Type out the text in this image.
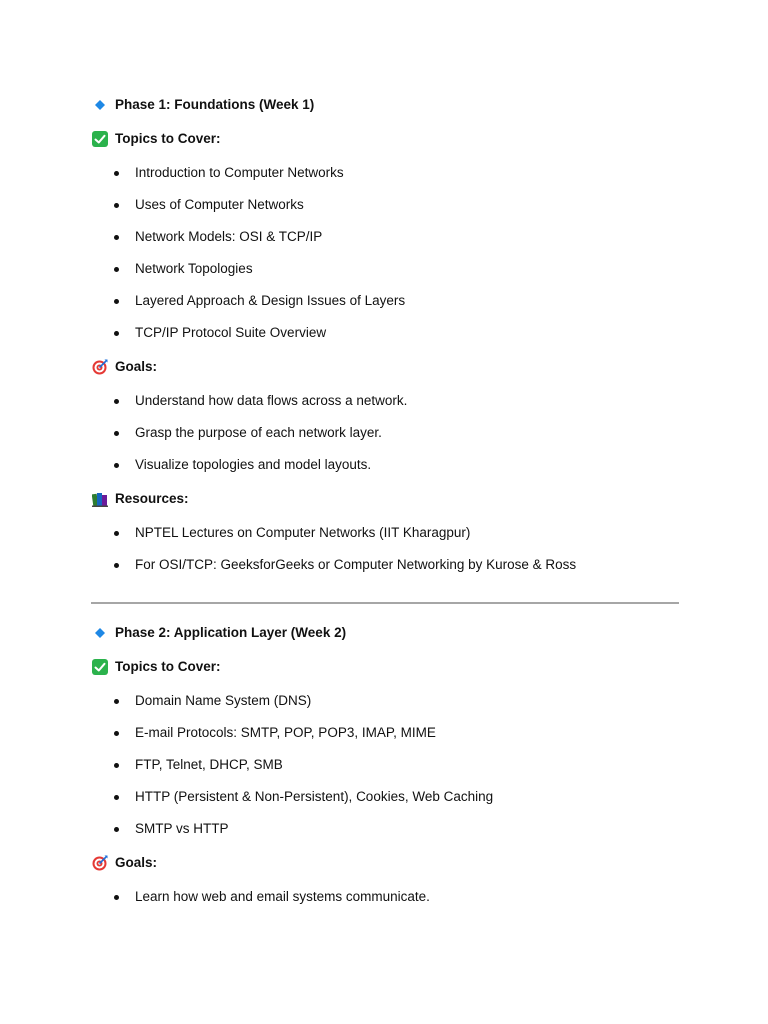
Phase 1: Foundations (Week 1)
Topics to Cover:
Introduction to Computer Networks
Uses of Computer Networks
Network Models: OSI & TCP/IP
Network Topologies
Layered Approach & Design Issues of Layers
TCP/IP Protocol Suite Overview
Goals:
Understand how data flows across a network.
Grasp the purpose of each network layer.
Visualize topologies and model layouts.
Resources:
NPTEL Lectures on Computer Networks (IIT Kharagpur)
For OSI/TCP: GeeksforGeeks or Computer Networking by Kurose & Ross
Phase 2: Application Layer (Week 2)
Topics to Cover:
Domain Name System (DNS)
E-mail Protocols: SMTP, POP, POP3, IMAP, MIME
FTP, Telnet, DHCP, SMB
HTTP (Persistent & Non-Persistent), Cookies, Web Caching
SMTP vs HTTP
Goals:
Learn how web and email systems communicate.
